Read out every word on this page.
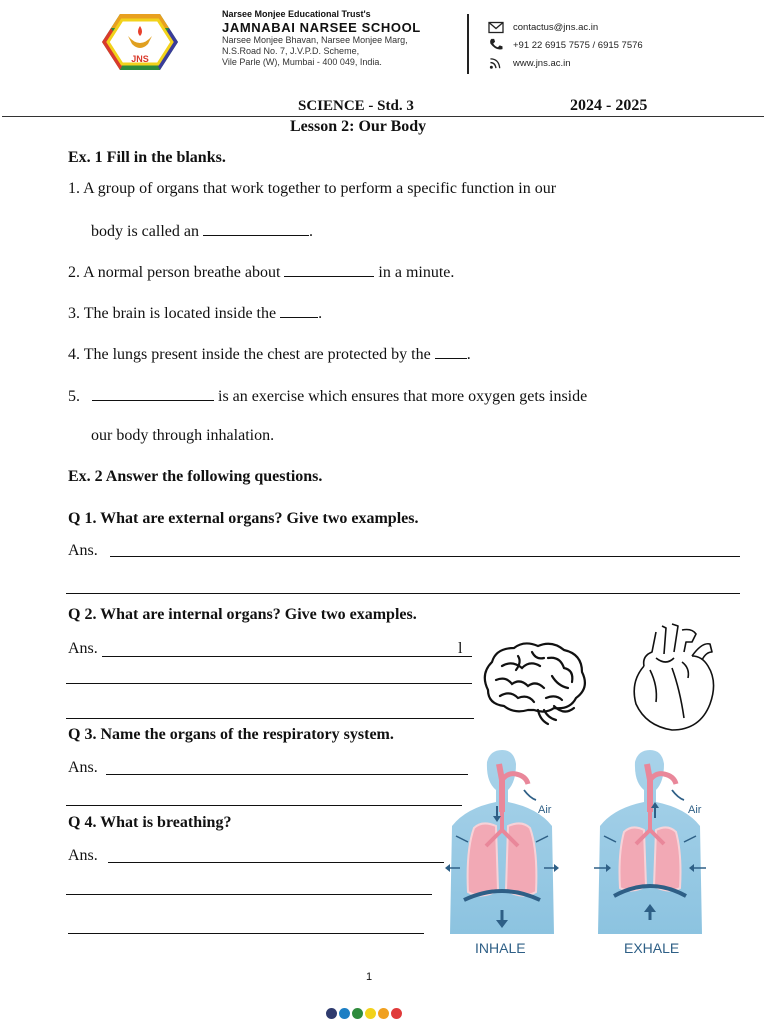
JNS
Narsee Monjee Educational Trust's
JAMNABAI NARSEE SCHOOL
Narsee Monjee Bhavan, Narsee Monjee Marg,
N.S.Road No. 7, J.V.P.D. Scheme,
Vile Parle (W), Mumbai - 400 049, India.
contactus@jns.ac.in
+91 22 6915 7575 / 6915 7576
www.jns.ac.in
SCIENCE - Std. 3	2024 - 2025
Lesson 2: Our Body
Ex. 1 Fill in the blanks.
1. A group of organs that work together to perform a specific function in our
body is called an	.
2. A normal person breathe about	in a minute.
3. The brain is located inside the	.
4. The lungs present inside the chest are protected by the .
5.	is an exercise which ensures that more oxygen gets inside
our body through inhalation.
Ex. 2 Answer the following questions.
Q 1. What are external organs? Give two examples.
Ans.
Q 2. What are internal organs? Give two examples.
Ans.	l
Q 3. Name the organs of the respiratory system.
Ans.
Q 4. What is breathing?
Ans.
Air	Air
INHALE	EXHALE
1
